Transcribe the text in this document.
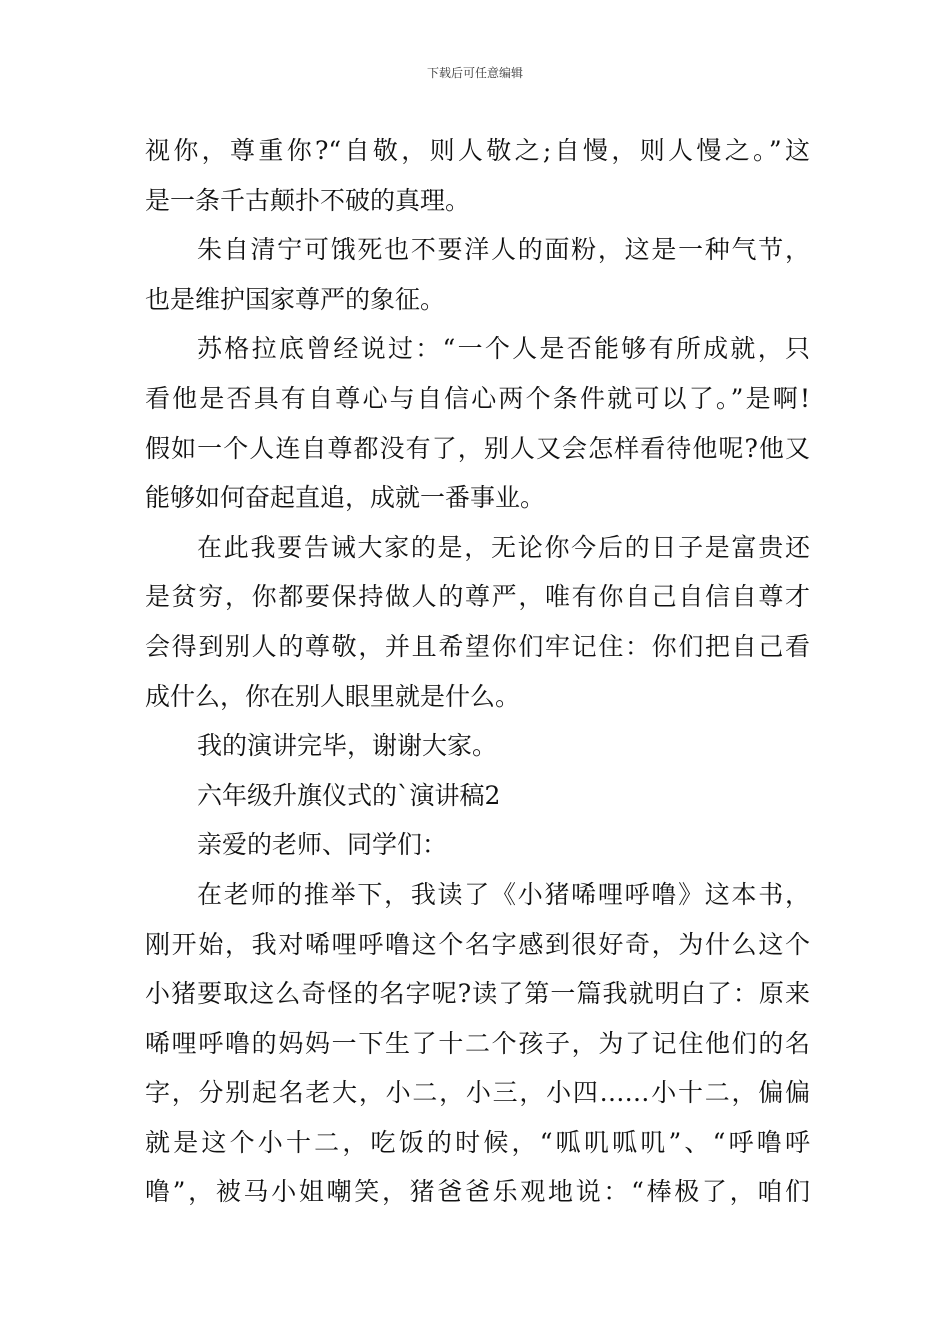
下载后可任意编辑
视你，尊重你?“自敬，则人敬之;自慢，则人慢之。”这
是一条千古颠扑不破的真理。
朱自清宁可饿死也不要洋人的面粉，这是一种气节，
也是维护国家尊严的象征。
苏格拉底曾经说过：“一个人是否能够有所成就，只
看他是否具有自尊心与自信心两个条件就可以了。”是啊!
假如一个人连自尊都没有了，别人又会怎样看待他呢?他又
能够如何奋起直追，成就一番事业。
在此我要告诫大家的是，无论你今后的日子是富贵还
是贫穷，你都要保持做人的尊严，唯有你自己自信自尊才
会得到别人的尊敬，并且希望你们牢记住：你们把自己看
成什么，你在别人眼里就是什么。
我的演讲完毕，谢谢大家。
六年级升旗仪式的`演讲稿2
亲爱的老师、同学们：
在老师的推举下，我读了《小猪唏哩呼噜》这本书，
刚开始，我对唏哩呼噜这个名字感到很好奇，为什么这个
小猪要取这么奇怪的名字呢?读了第一篇我就明白了：原来
唏哩呼噜的妈妈一下生了十二个孩子，为了记住他们的名
字，分别起名老大，小二，小三，小四……小十二，偏偏
就是这个小十二，吃饭的时候，“呱叽呱叽”、“呼噜呼
噜”，被马小姐嘲笑，猪爸爸乐观地说：“棒极了，咱们
